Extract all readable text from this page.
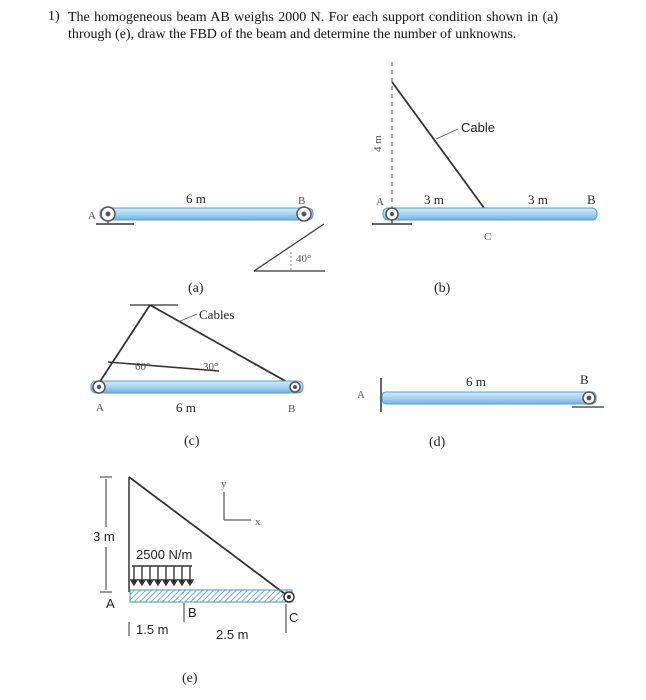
1) The homogeneous beam AB weighs 2000 N. For each support condition shown in (a) through (e), draw the FBD of the beam and determine the number of unknowns.
A
B
6 m
40°
(a)
4 m
Cable
A	3 m	3 m	B
C
(b)
Cables
60°	30°
A	6 m	B
(c)
A
6 m	B
(d)
3 m
y
x
2500 N/m
A
B	C
1.5 m	2.5 m
(e)
